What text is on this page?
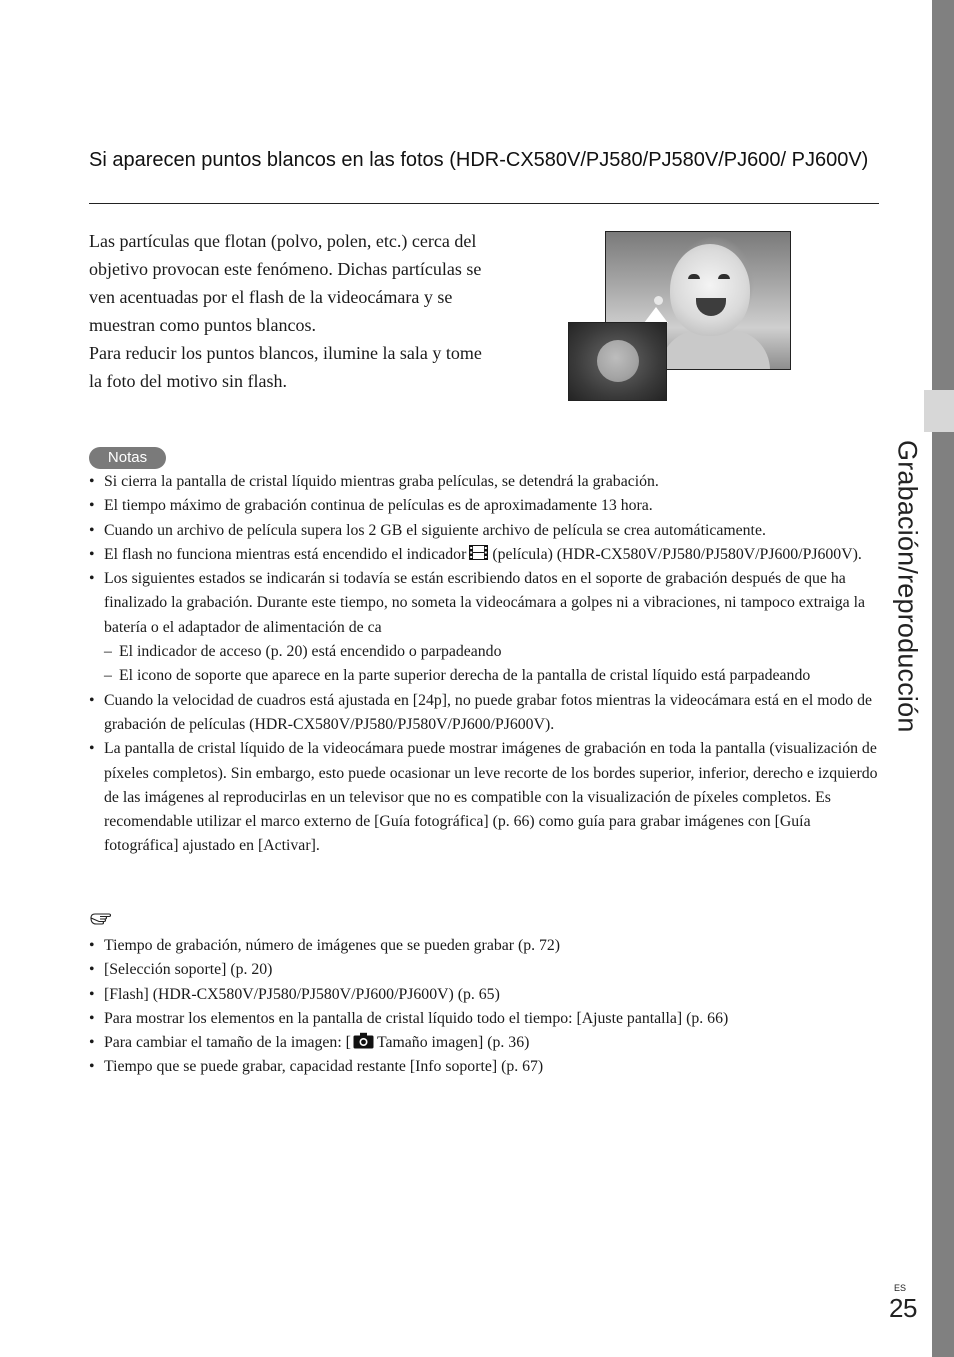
Grabación/reproducción
Si aparecen puntos blancos en las fotos (HDR-CX580V/PJ580/PJ580V/PJ600/ PJ600V)

Las partículas que flotan (polvo, polen, etc.) cerca del objetivo provocan este fenómeno. Dichas partículas se ven acentuadas por el flash de la videocámara y se muestran como puntos blancos.

Para reducir los puntos blancos, ilumine la sala y tome la foto del motivo sin flash.

Notas
• Si cierra la pantalla de cristal líquido mientras graba películas, se detendrá la grabación.
• El tiempo máximo de grabación continua de películas es de aproximadamente 13 hora.
• Cuando un archivo de película supera los 2 GB el siguiente archivo de película se crea automáticamente.
• El flash no funciona mientras está encendido el indicador (película) (HDR-CX580V/PJ580/PJ580V/PJ600/PJ600V).
• Los siguientes estados se indicarán si todavía se están escribiendo datos en el soporte de grabación después de que ha finalizado la grabación. Durante este tiempo, no someta la videocámara a golpes ni a vibraciones, ni tampoco extraiga la batería o el adaptador de alimentación de ca
– El indicador de acceso (p. 20) está encendido o parpadeando
– El icono de soporte que aparece en la parte superior derecha de la pantalla de cristal líquido está parpadeando
• Cuando la velocidad de cuadros está ajustada en [24p], no puede grabar fotos mientras la videocámara está en el modo de grabación de películas (HDR-CX580V/PJ580/PJ580V/PJ600/PJ600V).
• La pantalla de cristal líquido de la videocámara puede mostrar imágenes de grabación en toda la pantalla (visualización de píxeles completos). Sin embargo, esto puede ocasionar un leve recorte de los bordes superior, inferior, derecho e izquierdo de las imágenes al reproducirlas en un televisor que no es compatible con la visualización de píxeles completos. Es recomendable utilizar el marco externo de [Guía fotográfica] (p. 66) como guía para grabar imágenes con [Guía fotográfica] ajustado en [Activar].
• Tiempo de grabación, número de imágenes que se pueden grabar (p. 72)
• [Selección soporte] (p. 20)
• [Flash] (HDR-CX580V/PJ580/PJ580V/PJ600/PJ600V) (p. 65)
• Para mostrar los elementos en la pantalla de cristal líquido todo el tiempo: [Ajuste pantalla] (p. 66)
• Para cambiar el tamaño de la imagen: [ Tamaño imagen] (p. 36)
• Tiempo que se puede grabar, capacidad restante [Info soporte] (p. 67)
ES
25
